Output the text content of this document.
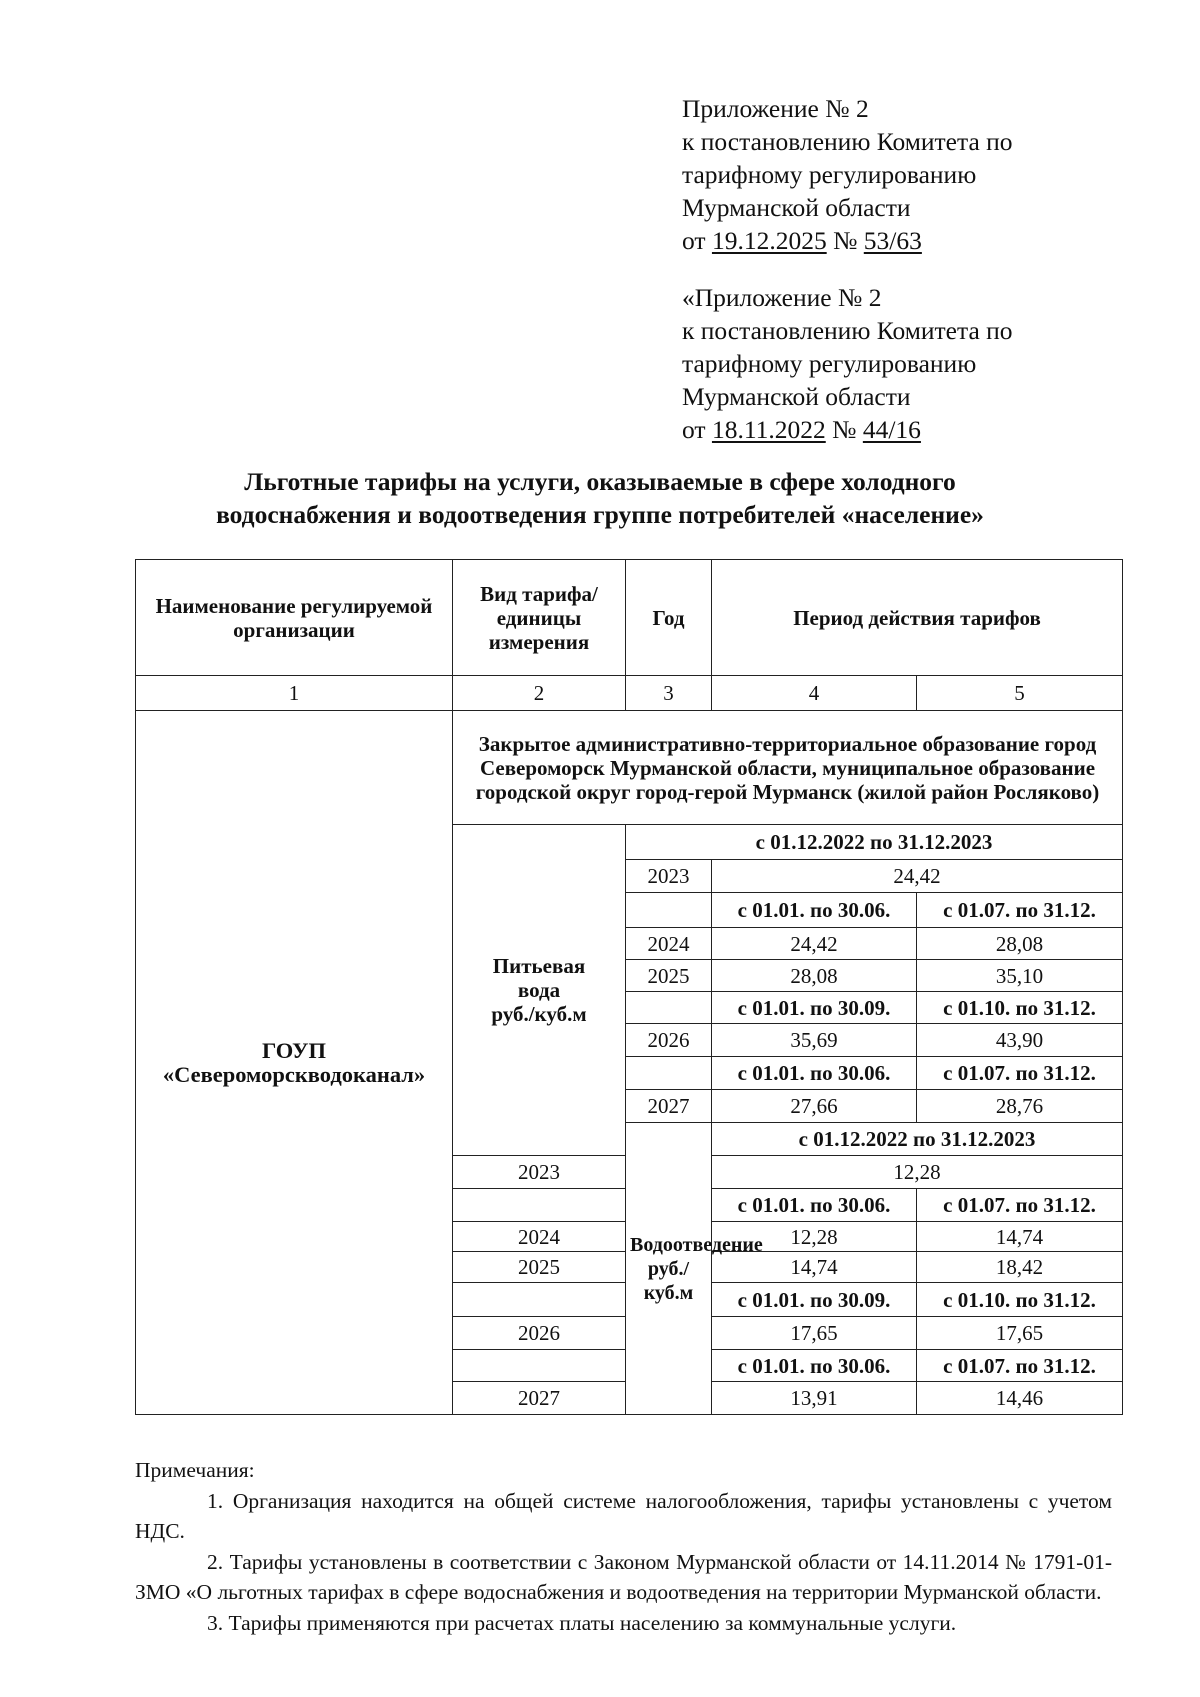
Приложение № 2
к постановлению Комитета по
тарифному регулированию
Мурманской области
от 19.12.2025 № 53/63
«Приложение № 2
к постановлению Комитета по
тарифному регулированию
Мурманской области
от 18.11.2022 № 44/16
Льготные тарифы на услуги, оказываемые в сфере холодного
водоснабжения и водоотведения группе потребителей «население»
Наименование регулируемой организации	Вид тарифа/единицы измерения	Год	Период действия тарифов	
1	2	3	4	5

ГОУП
«Североморскводоканал»	Закрытое административно-территориальное образование город Североморск Мурманской области, муниципальное образование городской округ город-герой Мурманск (жилой район Росляково)			

	Питьевая
вода
руб./куб.м	с 01.12.2022 по 31.12.2023		
		2023	24,42	
			с 01.01. по 30.06.	с 01.07. по 31.12.
		2024	24,42	28,08
		2025	28,08	35,10
			с 01.01. по 30.09.	с 01.10. по 31.12.
		2026	35,69	43,90
			с 01.01. по 30.06.	с 01.07. по 31.12.
		2027	27,66	28,76

		Водоотведение
руб./куб.м	с 01.12.2022 по 31.12.2023	
	2023		12,28	
			с 01.01. по 30.06.	с 01.07. по 31.12.
	2024		12,28	14,74
	2025		14,74	18,42
			с 01.01. по 30.09.	с 01.10. по 31.12.
	2026		17,65	17,65
			с 01.01. по 30.06.	с 01.07. по 31.12.
	2027		13,91	14,46

Примечания:

1. Организация находится на общей системе налогообложения, тарифы установлены с учетом НДС.

2. Тарифы установлены в соответствии с Законом Мурманской области от 14.11.2014 № 1791-01-ЗМО «О льготных тарифах в сфере водоснабжения и водоотведения на территории Мурманской области.

3. Тарифы применяются при расчетах платы населению за коммунальные услуги.
